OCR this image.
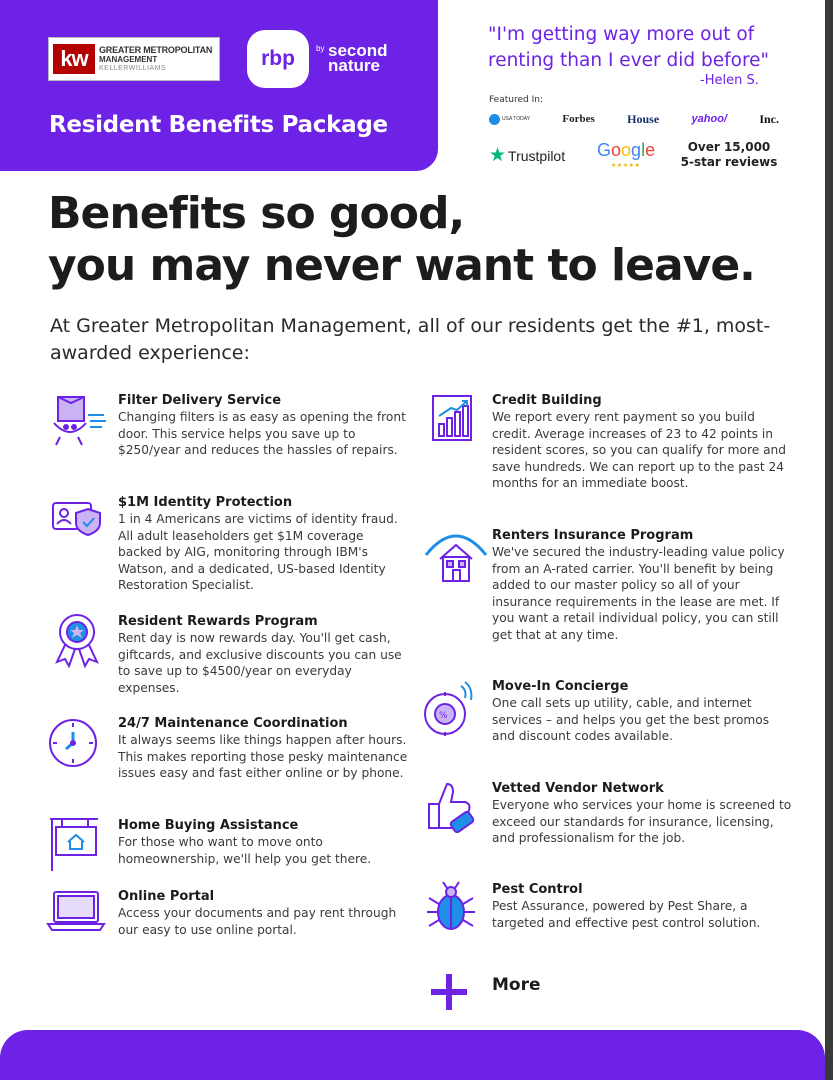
kw	GREATER METROPOLITAN
MANAGEMENT
KELLERWILLIAMS	rbp	by second nature
Resident Benefits Package
"I'm getting way more out of renting than I ever did before"
-Helen S.
Featured In:
USA TODAY	Forbes	House	yahoo/	Inc.
★ Trustpilot Google
★★★★★
Over 15,000 5-star reviews
Benefits so good,
you may never want to leave.
At Greater Metropolitan Management, all of our residents get the #1, most-awarded experience:
Filter Delivery Service
Changing filters is as easy as opening the front door. This service helps you save up to $250/year and reduces the hassles of repairs.
$1M Identity Protection
1 in 4 Americans are victims of identity fraud. All adult leaseholders get $1M coverage backed by AIG, monitoring through IBM's Watson, and a dedicated, US-based Identity Restoration Specialist.
Resident Rewards Program
Rent day is now rewards day. You'll get cash, giftcards, and exclusive discounts you can use to save up to $4500/year on everyday expenses.
24/7 Maintenance Coordination
It always seems like things happen after hours. This makes reporting those pesky maintenance issues easy and fast either online or by phone.
Home Buying Assistance
For those who want to move onto homeownership, we'll help you get there.
Online Portal
Access your documents and pay rent through our easy to use online portal.
Credit Building
We report every rent payment so you build credit. Average increases of 23 to 42 points in resident scores, so you can qualify for more and save hundreds. We can report up to the past 24 months for an immediate boost.
Renters Insurance Program
We've secured the industry-leading value policy from an A-rated carrier. You'll benefit by being added to our master policy so all of your insurance requirements in the lease are met. If you want a retail individual policy, you can still get that at any time.
%
Move-In Concierge
One call sets up utility, cable, and internet services – and helps you get the best promos and discount codes available.
Vetted Vendor Network
Everyone who services your home is screened to exceed our standards for insurance, licensing, and professionalism for the job.
Pest Control
Pest Assurance, powered by Pest Share, a targeted and effective pest control solution.
More
